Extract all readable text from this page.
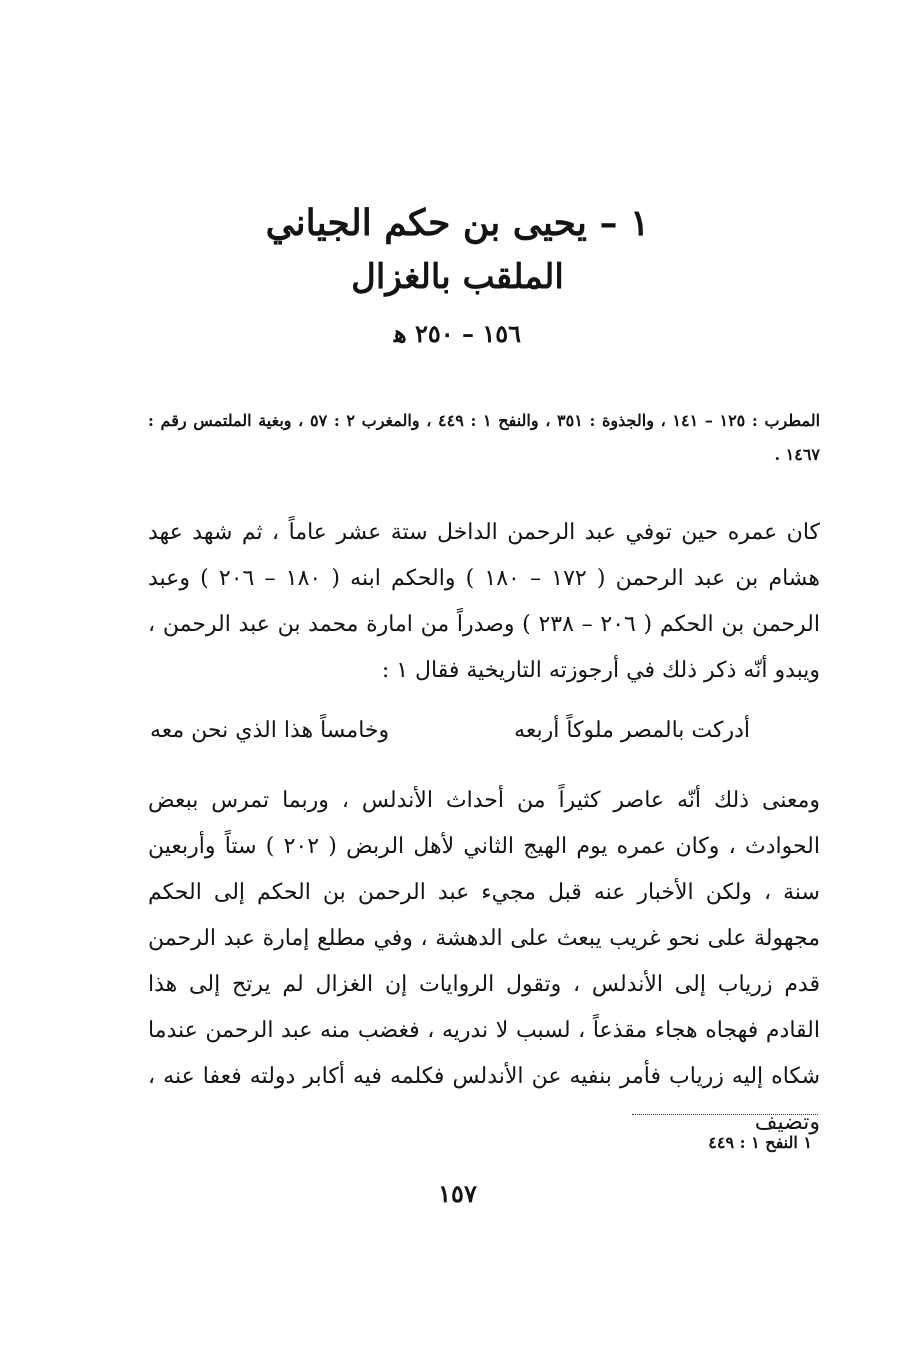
١ – يحيى بن حكم الجياني
الملقب بالغزال
١٥٦ – ٢٥٠ ﻫ
المطرب : ١٢٥ – ١٤١ ، والجذوة : ٣٥١ ، والنفح ١ : ٤٤٩ ، والمغرب ٢ : ٥٧ ، وبغية الملتمس رقم : ١٤٦٧ .
كان عمره حين توفي عبد الرحمن الداخل ستة عشر عاماً ، ثم شهد عهد هشام بن عبد الرحمن ( ١٧٢ – ١٨٠ ) والحكم ابنه ( ١٨٠ – ٢٠٦ ) وعبد الرحمن بن الحكم ( ٢٠٦ – ٢٣٨ ) وصدراً من امارة محمد بن عبد الرحمن ، ويبدو أنّه ذكر ذلك في أرجوزته التاريخية فقال ١ :
أدركت بالمصر ملوكاً أربعه
وخامساً هذا الذي نحن معه
ومعنى ذلك أنّه عاصر كثيراً من أحداث الأندلس ، وربما تمرس ببعض الحوادث ، وكان عمره يوم الهيج الثاني لأهل الربض ( ٢٠٢ ) ستاً وأربعين سنة ، ولكن الأخبار عنه قبل مجيء عبد الرحمن بن الحكم إلى الحكم مجهولة على نحو غريب يبعث على الدهشة ، وفي مطلع إمارة عبد الرحمن قدم زرياب إلى الأندلس ، وتقول الروايات إن الغزال لم يرتح إلى هذا القادم فهجاه هجاء مقذعاً ، لسبب لا ندريه ، فغضب منه عبد الرحمن عندما شكاه إليه زرياب فأمر بنفيه عن الأندلس فكلمه فيه أكابر دولته فعفا عنه ، وتضيف
١ النفح ١ : ٤٤٩
١٥٧
